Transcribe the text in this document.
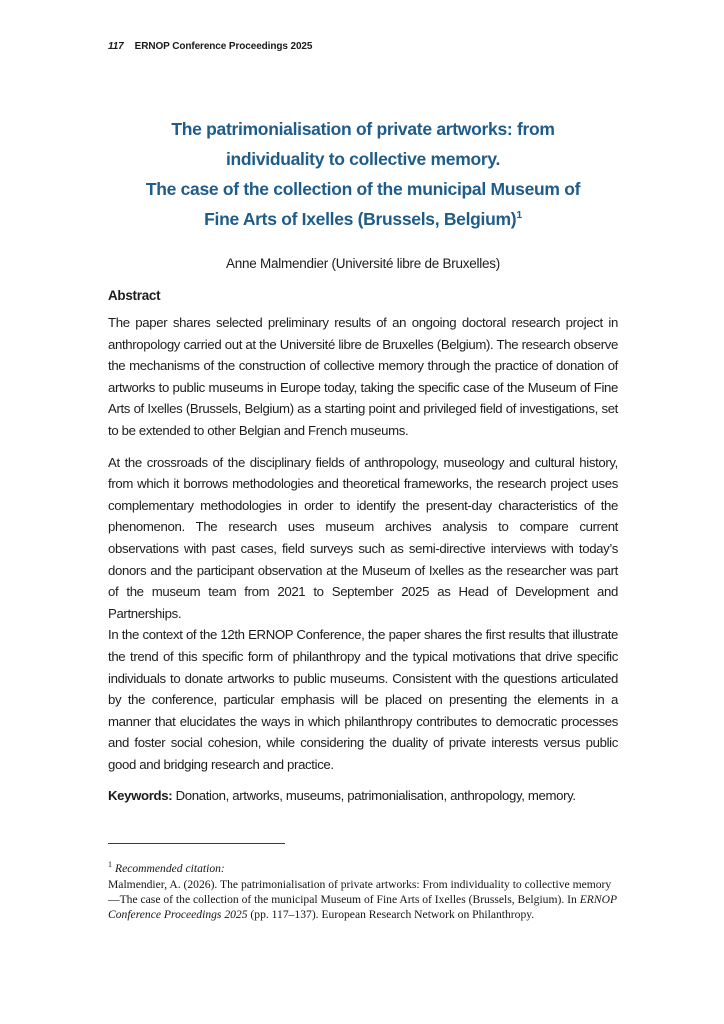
117 ERNOP Conference Proceedings 2025
The patrimonialisation of private artworks: from
individuality to collective memory.
The case of the collection of the municipal Museum of
Fine Arts of Ixelles (Brussels, Belgium)$^1$
Anne Malmendier (Université libre de Bruxelles)
Abstract

The paper shares selected preliminary results of an ongoing doctoral research project in anthropology carried out at the Université libre de Bruxelles (Belgium). The research observe the mechanisms of the construction of collective memory through the practice of donation of artworks to public museums in Europe today, taking the specific case of the Museum of Fine Arts of Ixelles (Brussels, Belgium) as a starting point and privileged field of investigations, set to be extended to other Belgian and French museums.

At the crossroads of the disciplinary fields of anthropology, museology and cultural history, from which it borrows methodologies and theoretical frameworks, the research project uses complementary methodologies in order to identify the present-day characteristics of the phenomenon. The research uses museum archives analysis to compare current observations with past cases, field surveys such as semi-directive interviews with today’s donors and the participant observation at the Museum of Ixelles as the researcher was part of the museum team from 2021 to September 2025 as Head of Development and Partnerships.

In the context of the 12th ERNOP Conference, the paper shares the first results that illustrate the trend of this specific form of philanthropy and the typical motivations that drive specific individuals to donate artworks to public museums. Consistent with the questions articulated by the conference, particular emphasis will be placed on presenting the elements in a manner that elucidates the ways in which philanthropy contributes to democratic processes and foster social cohesion, while considering the duality of private interests versus public good and bridging research and practice.

Keywords: Donation, artworks, museums, patrimonialisation, anthropology, memory.
$^1$ Recommended citation:
Malmendier, A. (2026). The patrimonialisation of private artworks: From individuality to collective memory—The case of the collection of the municipal Museum of Fine Arts of Ixelles (Brussels, Belgium). In ERNOP Conference Proceedings 2025 (pp. 117–137). European Research Network on Philanthropy.
